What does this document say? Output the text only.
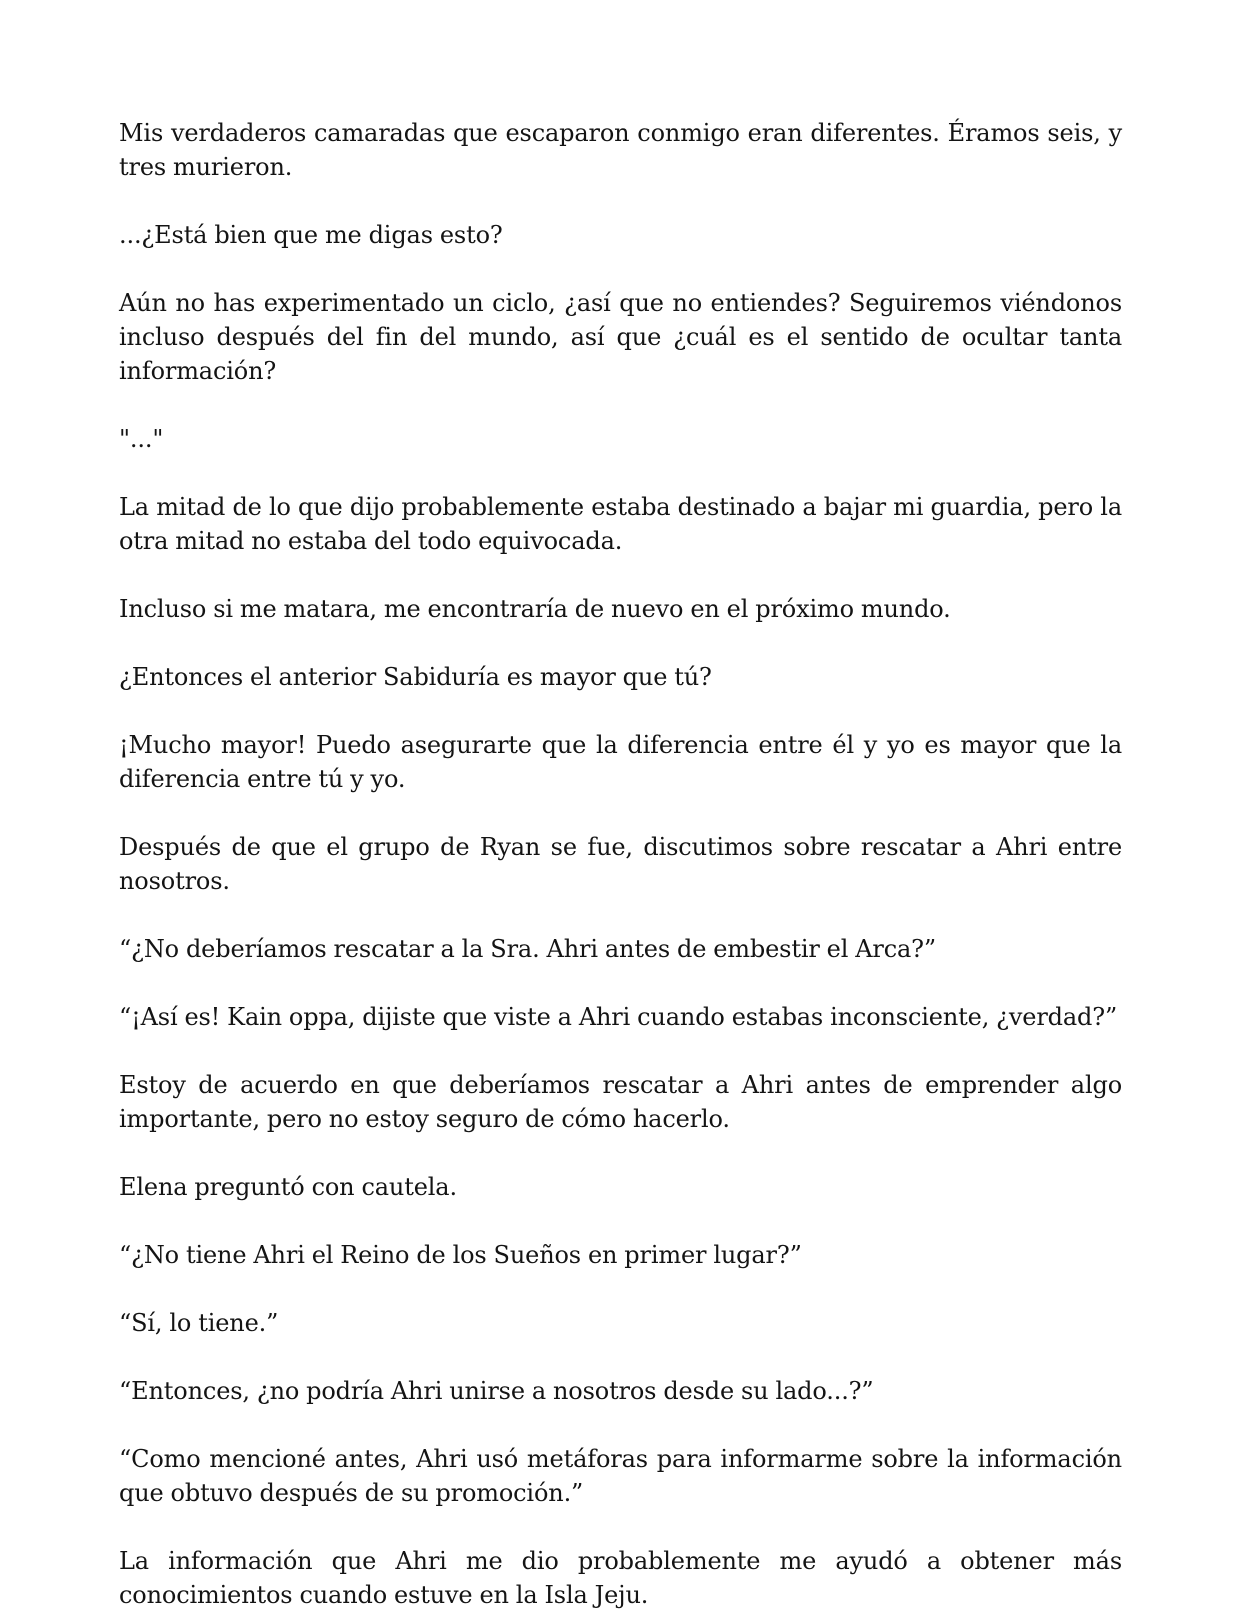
Mis verdaderos camaradas que escaparon conmigo eran diferentes. Éramos seis, y tres murieron.

...¿Está bien que me digas esto?

Aún no has experimentado un ciclo, ¿así que no entiendes? Seguiremos viéndonos incluso después del fin del mundo, así que ¿cuál es el sentido de ocultar tanta información?

"..."

La mitad de lo que dijo probablemente estaba destinado a bajar mi guardia, pero la otra mitad no estaba del todo equivocada.

Incluso si me matara, me encontraría de nuevo en el próximo mundo.

¿Entonces el anterior Sabiduría es mayor que tú?

¡Mucho mayor! Puedo asegurarte que la diferencia entre él y yo es mayor que la diferencia entre tú y yo.

Después de que el grupo de Ryan se fue, discutimos sobre rescatar a Ahri entre nosotros.

“¿No deberíamos rescatar a la Sra. Ahri antes de embestir el Arca?”

“¡Así es! Kain oppa, dijiste que viste a Ahri cuando estabas inconsciente, ¿verdad?”

Estoy de acuerdo en que deberíamos rescatar a Ahri antes de emprender algo importante, pero no estoy seguro de cómo hacerlo.

Elena preguntó con cautela.

“¿No tiene Ahri el Reino de los Sueños en primer lugar?”

“Sí, lo tiene.”

“Entonces, ¿no podría Ahri unirse a nosotros desde su lado...?”

“Como mencioné antes, Ahri usó metáforas para informarme sobre la información que obtuvo después de su promoción.”

La información que Ahri me dio probablemente me ayudó a obtener más conocimientos cuando estuve en la Isla Jeju.
